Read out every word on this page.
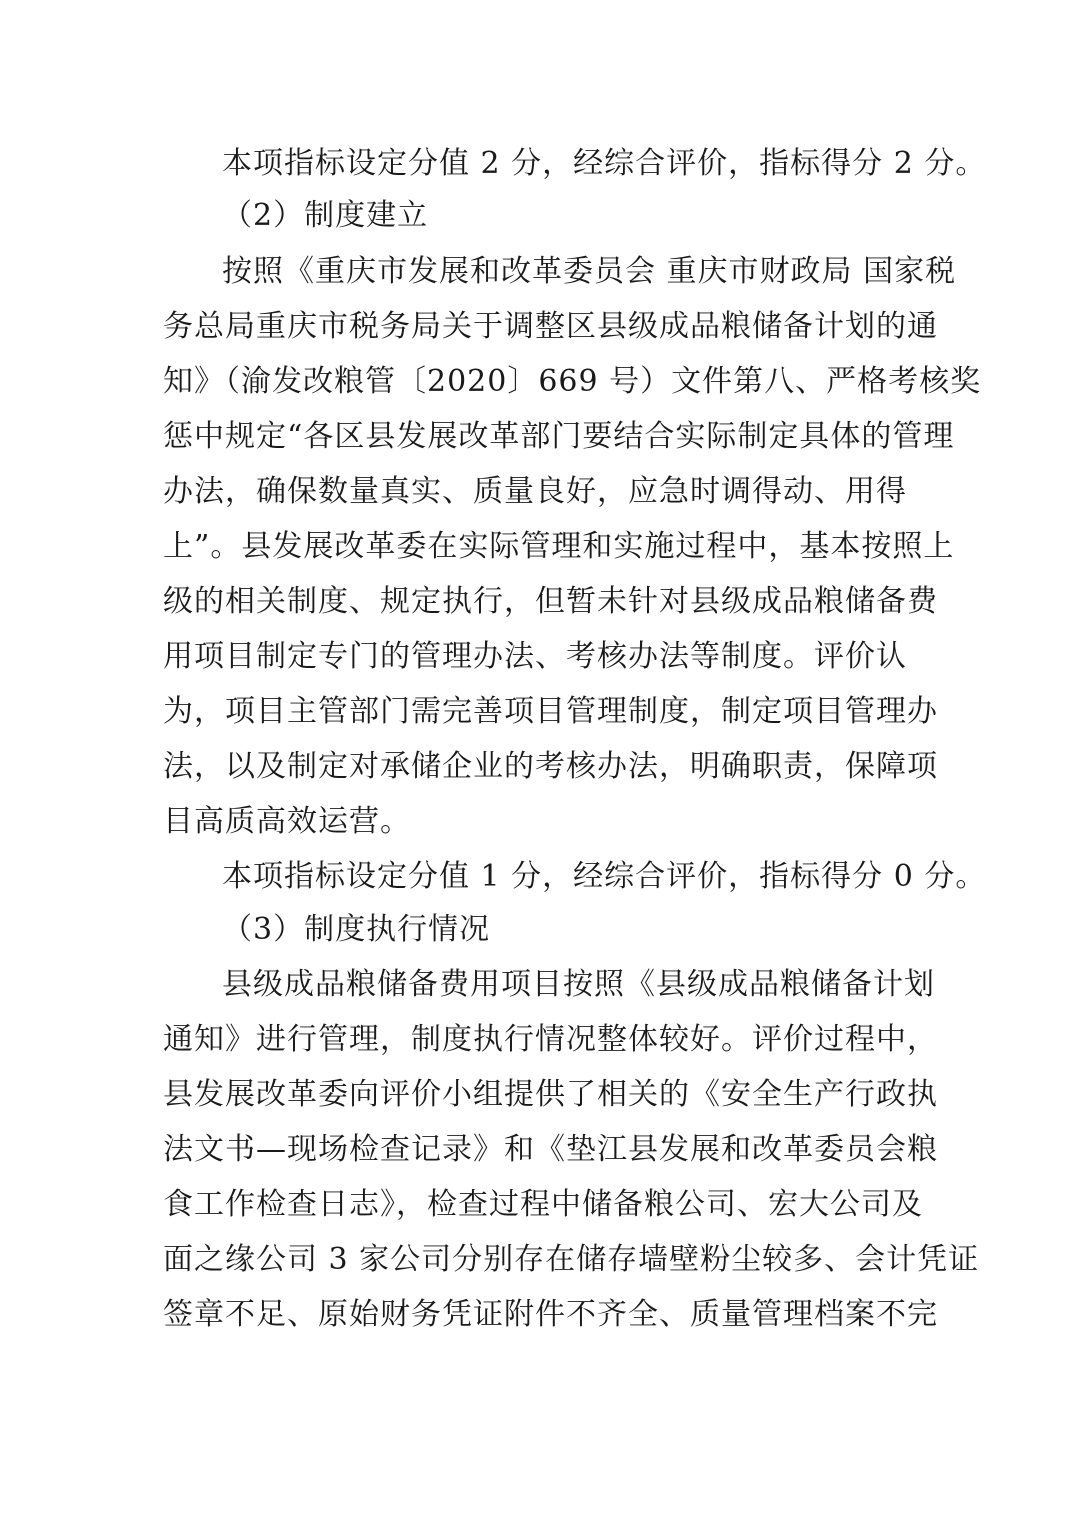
本项指标设定分值 2 分，经综合评价，指标得分 2 分。
（2）制度建立
按照《重庆市发展和改革委员会 重庆市财政局 国家税
务总局重庆市税务局关于调整区县级成品粮储备计划的通
知》（渝发改粮管〔2020〕669 号）文件第八、严格考核奖
惩中规定“各区县发展改革部门要结合实际制定具体的管理
办法，确保数量真实、质量良好，应急时调得动、用得
上”。县发展改革委在实际管理和实施过程中，基本按照上
级的相关制度、规定执行，但暂未针对县级成品粮储备费
用项目制定专门的管理办法、考核办法等制度。评价认
为，项目主管部门需完善项目管理制度，制定项目管理办
法，以及制定对承储企业的考核办法，明确职责，保障项
目高质高效运营。
本项指标设定分值 1 分，经综合评价，指标得分 0 分。
（3）制度执行情况
县级成品粮储备费用项目按照《县级成品粮储备计划
通知》进行管理，制度执行情况整体较好。评价过程中，
县发展改革委向评价小组提供了相关的《安全生产行政执
法文书—现场检查记录》和《垫江县发展和改革委员会粮
食工作检查日志》，检查过程中储备粮公司、宏大公司及
面之缘公司 3 家公司分别存在储存墙壁粉尘较多、会计凭证
签章不足、原始财务凭证附件不齐全、质量管理档案不完
